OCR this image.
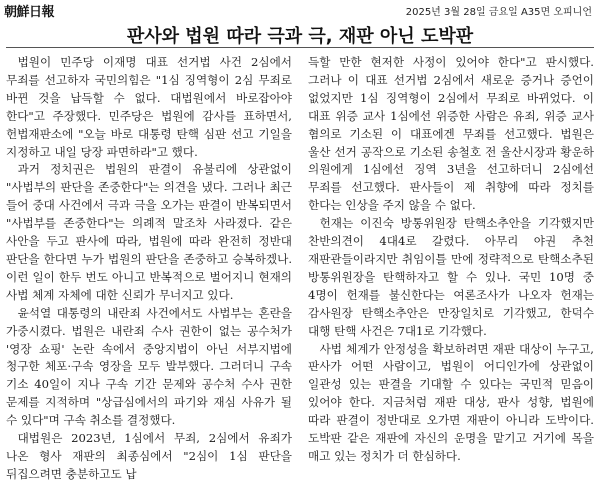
朝鮮日報	2025년 3월 28일 금요일 A35면 오피니언
판사와 법원 따라 극과 극, 재판 아닌 도박판

법원이 민주당 이재명 대표 선거법 사건 2심에서 무죄를 선고하자 국민의힘은 "1심 징역형이 2심 무죄로 바뀐 것을 납득할 수 없다. 대법원에서 바로잡아야 한다"고 주장했다. 민주당은 법원에 감사를 표하면서, 헌법재판소에 "오늘 바로 대통령 탄핵 심판 선고 기일을 지정하고 내일 당장 파면하라"고 했다.

과거 정치권은 법원의 판결이 유불리에 상관없이 "사법부의 판단을 존중한다"는 의견을 냈다. 그러나 최근 들어 중대 사건에서 극과 극을 오가는 판결이 반복되면서 "사법부를 존중한다"는 의례적 말조차 사라졌다. 같은 사안을 두고 판사에 따라, 법원에 따라 완전히 정반대 판단을 한다면 누가 법원의 판단을 존중하고 승복하겠나. 이런 일이 한두 번도 아니고 반복적으로 벌어지니 현재의 사법 체계 자체에 대한 신뢰가 무너지고 있다.

윤석열 대통령의 내란죄 사건에서도 사법부는 혼란을 가중시켰다. 법원은 내란죄 수사 권한이 없는 공수처가 '영장 쇼핑' 논란 속에서 중앙지법이 아닌 서부지법에 청구한 체포·구속 영장을 모두 발부했다. 그러더니 구속 기소 40일이 지나 구속 기간 문제와 공수처 수사 권한 문제를 지적하며 "상급심에서의 파기와 재심 사유가 될 수 있다"며 구속 취소를 결정했다.

대법원은 2023년, 1심에서 무죄, 2심에서 유죄가 나온 형사 재판의 최종심에서 "2심이 1심 판단을 뒤집으려면 충분하고도 납

득할 만한 현저한 사정이 있어야 한다"고 판시했다. 그러나 이 대표 선거법 2심에서 새로운 증거나 증언이 없었지만 1심 징역형이 2심에서 무죄로 바뀌었다. 이 대표 위증 교사 1심에선 위증한 사람은 유죄, 위증 교사 혐의로 기소된 이 대표에겐 무죄를 선고했다. 법원은 울산 선거 공작으로 기소된 송철호 전 울산시장과 황운하 의원에게 1심에선 징역 3년을 선고하더니 2심에선 무죄를 선고했다. 판사들이 제 취향에 따라 정치를 한다는 인상을 주지 않을 수 없다.

헌재는 이진숙 방통위원장 탄핵소추안을 기각했지만 찬반의견이 4대4로 갈렸다. 아무리 야권 추천 재판관들이라지만 취임이틀 만에 정략적으로 탄핵소추된 방통위원장을 탄핵하자고 할 수 있나. 국민 10명 중 4명이 헌재를 불신한다는 여론조사가 나오자 헌재는 감사원장 탄핵소추안은 만장일치로 기각했고, 한덕수 대행 탄핵 사건은 7대1로 기각했다.

사법 체계가 안정성을 확보하려면 재판 대상이 누구고, 판사가 어떤 사람이고, 법원이 어디인가에 상관없이 일관성 있는 판결을 기대할 수 있다는 국민적 믿음이 있어야 한다. 지금처럼 재판 대상, 판사 성향, 법원에 따라 판결이 정반대로 오가면 재판이 아니라 도박이다. 도박판 같은 재판에 자신의 운명을 맡기고 거기에 목을 매고 있는 정치가 더 한심하다.
